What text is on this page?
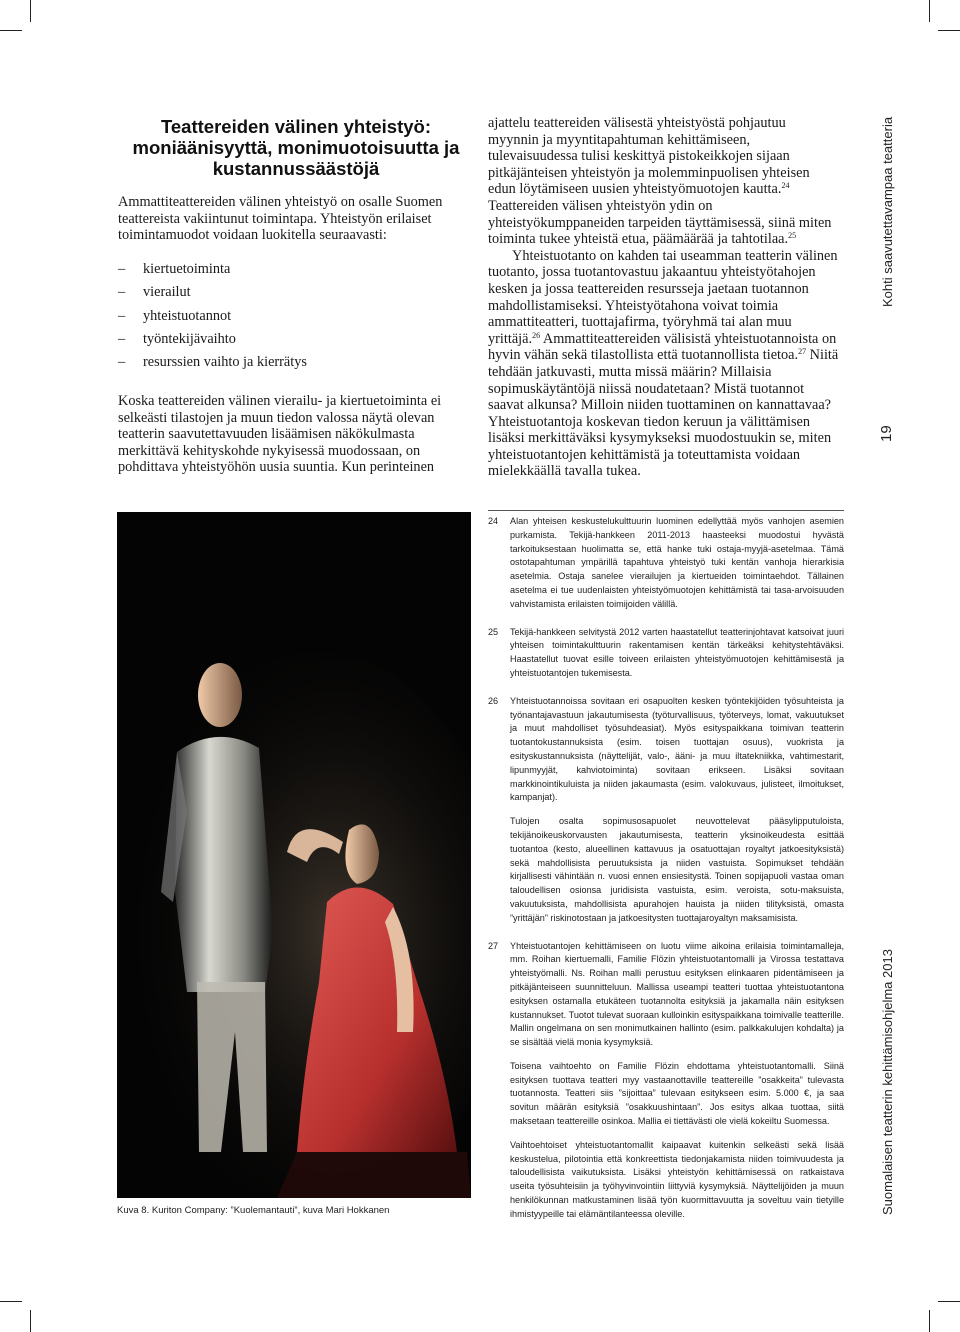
Teattereiden välinen yhteistyö:
moniäänisyyttä, monimuotoisuutta ja
kustannussäästöjä
Ammattiteattereiden välinen yhteistyö on osalle Suomen teattereista vakiintunut toimintapa. Yhteistyön erilaiset toimintamuodot voidaan luokitella seuraavasti:
– kiertuetoiminta
– vierailut
– yhteistuotannot
– työntekijävaihto
– resurssien vaihto ja kierrätys
Koska teattereiden välinen vierailu- ja kiertuetoiminta ei selkeästi tilastojen ja muun tiedon valossa näytä olevan teatterin saavutettavuuden lisäämisen näkökulmasta merkittävä kehityskohde nykyisessä muodossaan, on pohdittava yhteistyöhön uusia suuntia. Kun perinteinen
ajattelu teattereiden välisestä yhteistyöstä pohjautuu myynnin ja myyntitapahtuman kehittämiseen, tulevaisuudessa tulisi keskittyä pistokeikkojen sijaan pitkäjänteisen yhteistyön ja molemminpuolisen yhteisen edun löytämiseen uusien yhteistyömuotojen kautta.$^{24}$ Teattereiden välisen yhteistyön ydin on yhteistyökumppaneiden tarpeiden täyttämisessä, siinä miten toiminta tukee yhteistä etua, päämäärää ja tahtotilaa.$^{25}$
Yhteistuotanto on kahden tai useamman teatterin välinen tuotanto, jossa tuotantovastuu jakaantuu yhteistyötahojen kesken ja jossa teattereiden resursseja jaetaan tuotannon mahdollistamiseksi. Yhteistyötahona voivat toimia ammattiteatteri, tuottajafirma, työryhmä tai alan muu yrittäjä.$^{26}$ Ammattiteattereiden välisistä yhteistuotannoista on hyvin vähän sekä tilastollista että tuotannollista tietoa.$^{27}$ Niitä tehdään jatkuvasti, mutta missä määrin? Millaisia sopimuskäytäntöjä niissä noudatetaan? Mistä tuotannot saavat alkunsa? Milloin niiden tuottaminen on kannattavaa? Yhteistuotantoja koskevan tiedon keruun ja välittämisen lisäksi merkittäväksi kysymykseksi muodostuukin se, miten yhteistuotantojen kehittämistä ja toteuttamista voidaan mielekkäällä tavalla tukea.
Kohti saavutettavampaa teatteria
19
Suomalaisen teatterin kehittämisohjelma 2013
Kuva 8. Kuriton Company: ”Kuolemantauti”, kuva Mari Hokkanen
24 Alan yhteisen keskustelukulttuurin luominen edellyttää myös vanhojen asemien purkamista. Tekijä-hankkeen 2011-2013 haasteeksi muodostui hyvästä tarkoituksestaan huolimatta se, että hanke tuki ostaja-myyjä-asetelmaa. Tämä ostotapahtuman ympärillä tapahtuva yhteistyö tuki kentän vanhoja hierarkisia asetelmia. Ostaja sanelee vierailujen ja kiertueiden toimintaehdot. Tällainen asetelma ei tue uudenlaisten yhteistyömuotojen kehittämistä tai tasa-arvoisuuden vahvistamista erilaisten toimijoiden välillä.
25 Tekijä-hankkeen selvitystä 2012 varten haastatellut teatterinjohtavat katsoivat juuri yhteisen toimintakulttuurin rakentamisen kentän tärkeäksi kehitystehtäväksi. Haastatellut tuovat esille toiveen erilaisten yhteistyömuotojen kehittämisestä ja yhteistuotantojen tukemisesta.
26 Yhteistuotannoissa sovitaan eri osapuolten kesken työntekijöiden työsuhteista ja työnantajavastuun jakautumisesta (työturvallisuus, työterveys, lomat, vakuutukset ja muut mahdolliset työsuhdeasiat). Myös esityspaikkana toimivan teatterin tuotantokustannuksista (esim. toisen tuottajan osuus), vuokrista ja esityskustannuksista (näyttelijät, valo-, ääni- ja muu iltatekniikka, vahtimestarit, lipunmyyjät, kahviotoiminta) sovitaan erikseen. Lisäksi sovitaan markkinointikuluista ja niiden jakaumasta (esim. valokuvaus, julisteet, ilmoitukset, kampanjat).
Tulojen osalta sopimusosapuolet neuvottelevat pääsylipputuloista, tekijänoikeuskorvausten jakautumisesta, teatterin yksinoikeudesta esittää tuotantoa (kesto, alueellinen kattavuus ja osatuottajan royaltyt jatkoesityksistä) sekä mahdollisista peruutuksista ja niiden vastuista. Sopimukset tehdään kirjallisesti vähintään n. vuosi ennen ensiesitystä. Toinen sopijapuoli vastaa oman taloudellisen osionsa juridisista vastuista, esim. veroista, sotu-maksuista, vakuutuksista, mahdollisista apurahojen hauista ja niiden tilityksistä, omasta ”yrittäjän” riskinotostaan ja jatkoesitysten tuottajaroyaltyn maksamisista.
27 Yhteistuotantojen kehittämiseen on luotu viime aikoina erilaisia toimintamalleja, mm. Roihan kiertuemalli, Familie Flözin yhteistuotantomalli ja Virossa testattava yhteistyömalli. Ns. Roihan malli perustuu esityksen elinkaaren pidentämiseen ja pitkäjänteiseen suunnitteluun. Mallissa useampi teatteri tuottaa yhteistuotantona esityksen ostamalla etukäteen tuotannolta esityksiä ja jakamalla näin esityksen kustannukset. Tuotot tulevat suoraan kulloinkin esityspaikkana toimivalle teatterille. Mallin ongelmana on sen monimutkainen hallinto (esim. palkkakulujen kohdalta) ja se sisältää vielä monia kysymyksiä.
Toisena vaihtoehto on Familie Flözin ehdottama yhteistuotantomalli. Siinä esityksen tuottava teatteri myy vastaanottaville teattereille ”osakkeita” tulevasta tuotannosta. Teatteri siis ”sijoittaa” tulevaan esitykseen esim. 5.000 €, ja saa sovitun määrän esityksiä ”osakkuushintaan”. Jos esitys alkaa tuottaa, siitä maksetaan teattereille osinkoa. Mallia ei tiettävästi ole vielä kokeiltu Suomessa.
Vaihtoehtoiset yhteistuotantomallit kaipaavat kuitenkin selkeästi sekä lisää keskustelua, pilotointia että konkreettista tiedonjakamista niiden toimivuudesta ja taloudellisista vaikutuksista. Lisäksi yhteistyön kehittämisessä on ratkaistava useita työsuhteisiin ja työhyvinvointiin liittyviä kysymyksiä. Näyttelijöiden ja muun henkilökunnan matkustaminen lisää työn kuormittavuutta ja soveltuu vain tietyille ihmistyypeille tai elämäntilanteessa oleville.
